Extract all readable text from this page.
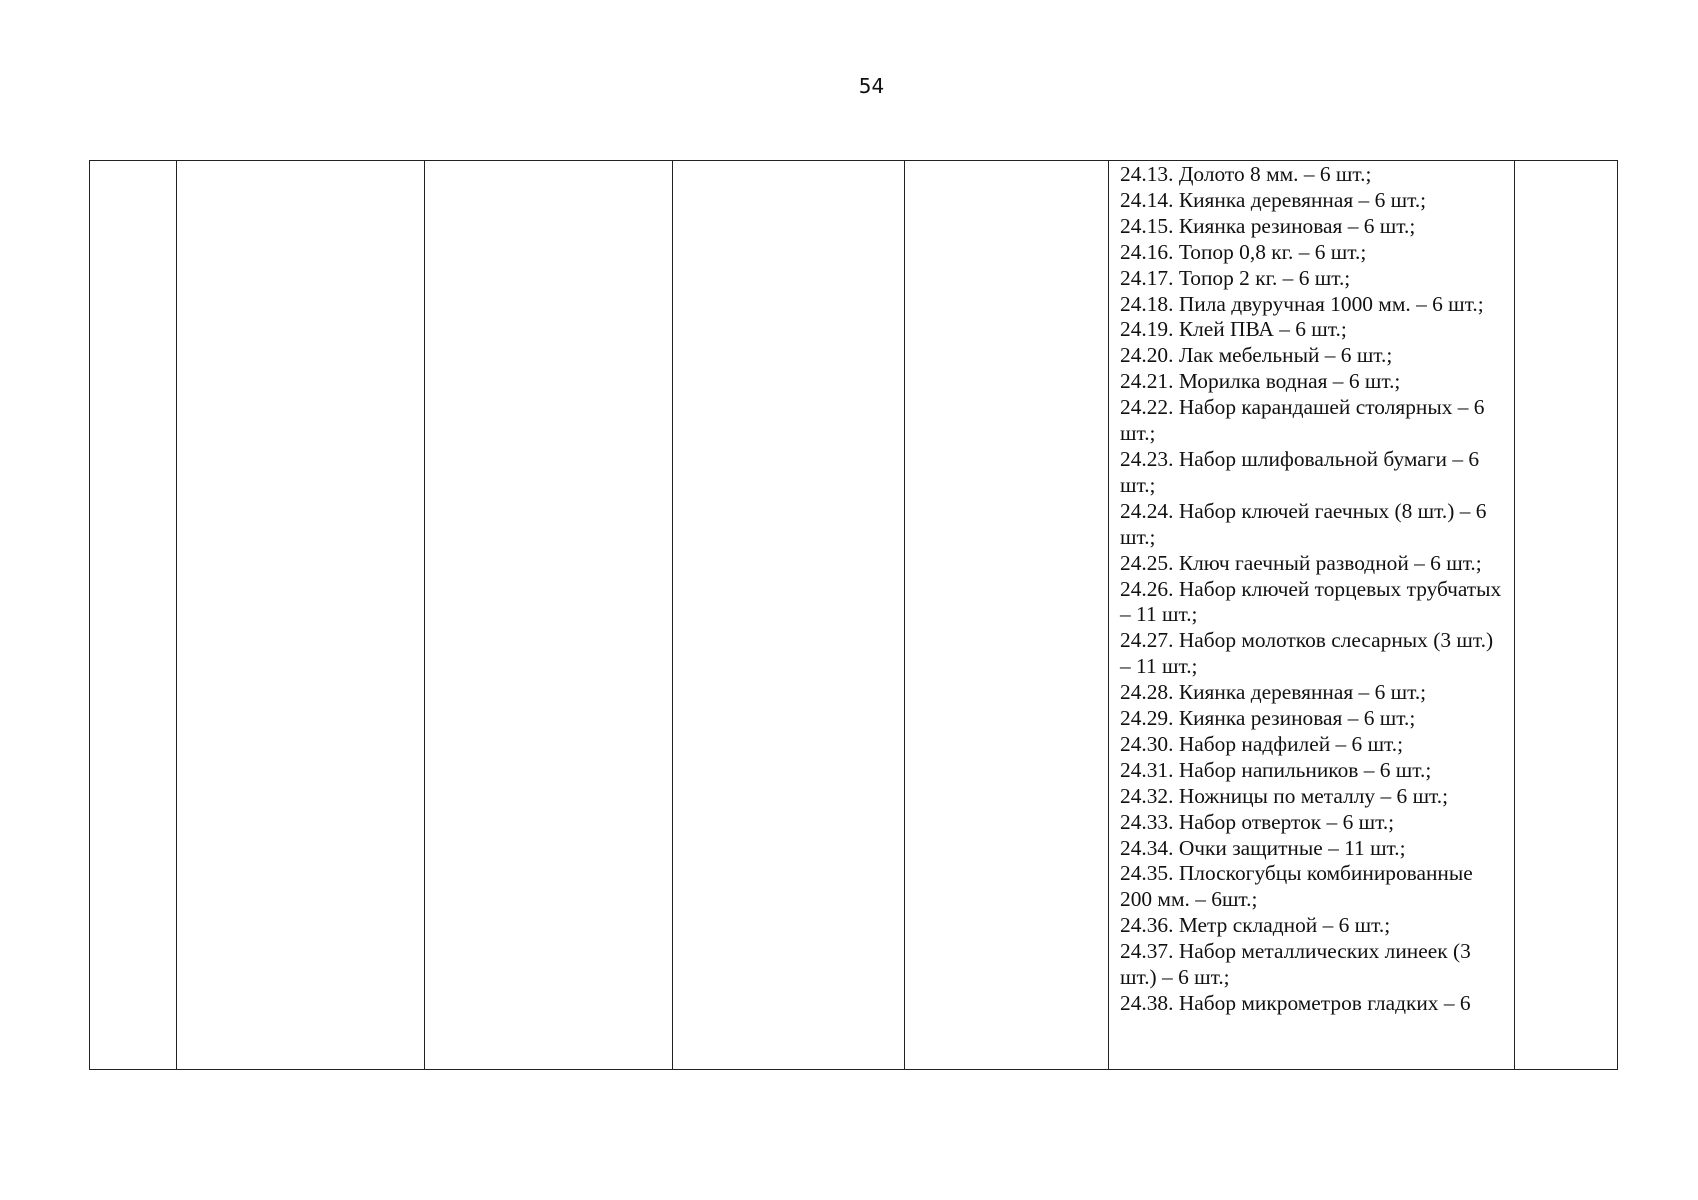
54

24.13. Долото 8 мм. – 6 шт.;
24.14. Киянка деревянная – 6 шт.;
24.15. Киянка резиновая – 6 шт.;
24.16. Топор 0,8 кг. – 6 шт.;
24.17. Топор 2 кг. – 6 шт.;
24.18. Пила двуручная 1000 мм. – 6 шт.;
24.19. Клей ПВА – 6 шт.;
24.20. Лак мебельный – 6 шт.;
24.21. Морилка водная – 6 шт.;
24.22. Набор карандашей столярных – 6 шт.;
24.23. Набор шлифовальной бумаги – 6 шт.;
24.24. Набор ключей гаечных (8 шт.) – 6 шт.;
24.25. Ключ гаечный разводной – 6 шт.;
24.26. Набор ключей торцевых трубчатых – 11 шт.;
24.27. Набор молотков слесарных (3 шт.) – 11 шт.;
24.28. Киянка деревянная – 6 шт.;
24.29. Киянка резиновая – 6 шт.;
24.30. Набор надфилей – 6 шт.;
24.31. Набор напильников – 6 шт.;
24.32. Ножницы по металлу – 6 шт.;
24.33. Набор отверток – 6 шт.;
24.34. Очки защитные – 11 шт.;
24.35. Плоскогубцы комбинированные 200 мм. – 6шт.;
24.36. Метр складной – 6 шт.;
24.37. Набор металлических линеек (3 шт.) – 6 шт.;
24.38. Набор микрометров гладких – 6
